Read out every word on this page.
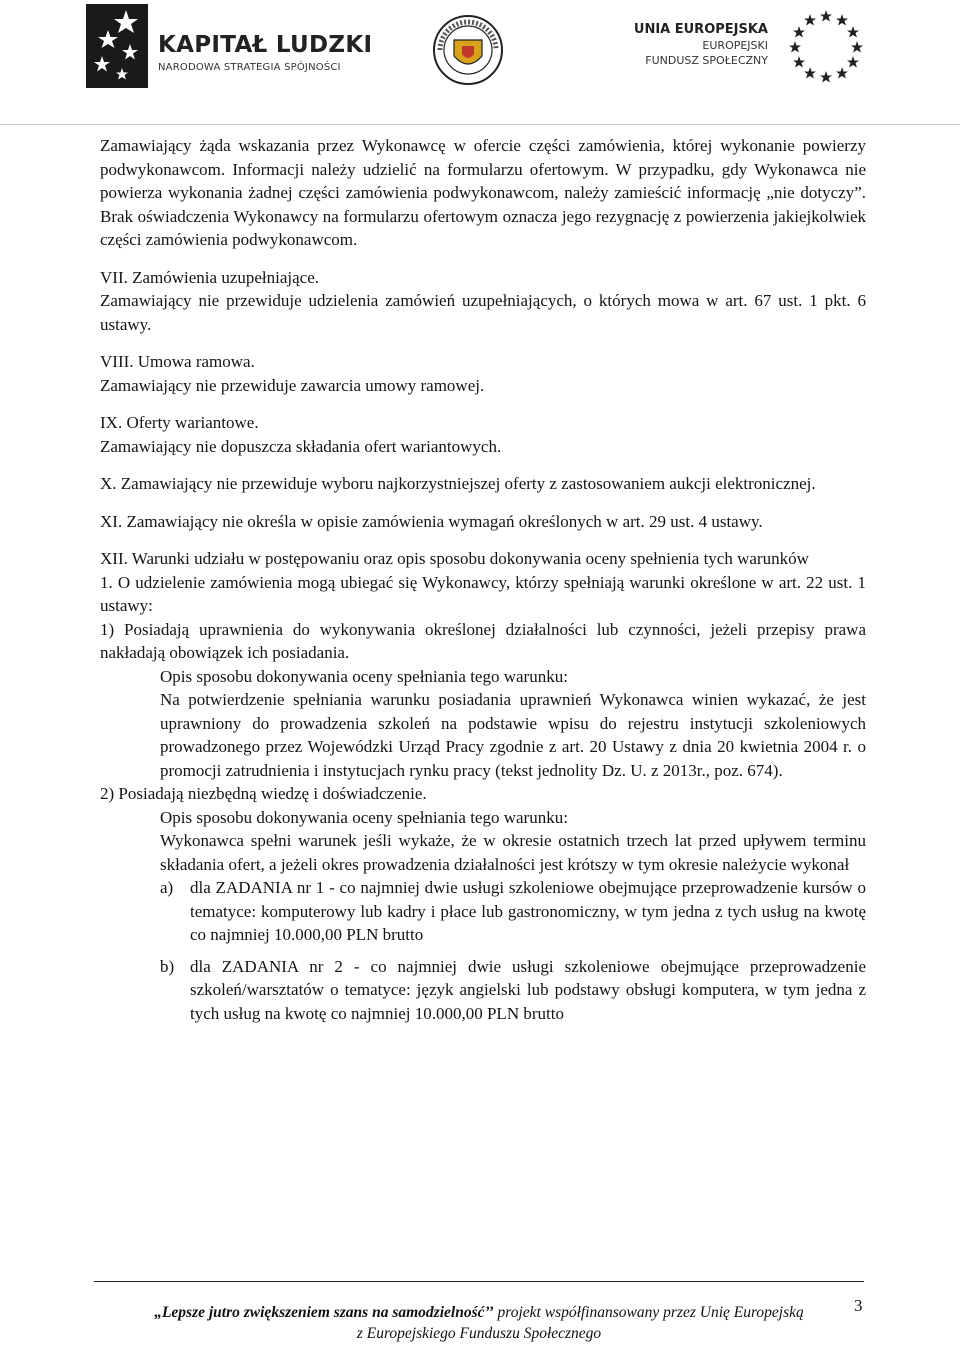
KAPITAŁ LUDZKI
NARODOWA STRATEGIA SPÓJNOŚCI
UNIA EUROPEJSKA
EUROPEJSKI
FUNDUSZ SPOŁECZNY

Zamawiający żąda wskazania przez Wykonawcę w ofercie części zamówienia, której wykonanie powierzy podwykonawcom. Informacji należy udzielić na formularzu ofertowym. W przypadku, gdy Wykonawca nie powierza wykonania żadnej części zamówienia podwykonawcom, należy zamieścić informację „nie dotyczy”. Brak oświadczenia Wykonawcy na formularzu ofertowym oznacza jego rezygnację z powierzenia jakiejkolwiek części zamówienia podwykonawcom.

VII. Zamówienia uzupełniające.

Zamawiający nie przewiduje udzielenia zamówień uzupełniających, o których mowa w art. 67 ust. 1 pkt. 6 ustawy.

VIII. Umowa ramowa.

Zamawiający nie przewiduje zawarcia umowy ramowej.

IX. Oferty wariantowe.

Zamawiający nie dopuszcza składania ofert wariantowych.

X. Zamawiający nie przewiduje wyboru najkorzystniejszej oferty z zastosowaniem aukcji elektronicznej.

XI. Zamawiający nie określa w opisie zamówienia wymagań określonych w art. 29 ust. 4 ustawy.

XII. Warunki udziału w postępowaniu oraz opis sposobu dokonywania oceny spełnienia tych warunków

1. O udzielenie zamówienia mogą ubiegać się Wykonawcy, którzy spełniają warunki określone w art. 22 ust. 1 ustawy:

1) Posiadają uprawnienia do wykonywania określonej działalności lub czynności, jeżeli przepisy prawa nakładają obowiązek ich posiadania.

Opis sposobu dokonywania oceny spełniania tego warunku:

Na potwierdzenie spełniania warunku posiadania uprawnień Wykonawca winien wykazać, że jest uprawniony do prowadzenia szkoleń na podstawie wpisu do rejestru instytucji szkoleniowych prowadzonego przez Wojewódzki Urząd Pracy zgodnie z art. 20 Ustawy z dnia 20 kwietnia 2004 r. o promocji zatrudnienia i instytucjach rynku pracy (tekst jednolity Dz. U. z 2013r., poz. 674).

2) Posiadają niezbędną wiedzę i doświadczenie.

Opis sposobu dokonywania oceny spełniania tego warunku:

Wykonawca spełni warunek jeśli wykaże, że w okresie ostatnich trzech lat przed upływem terminu składania ofert, a jeżeli okres prowadzenia działalności jest krótszy w tym okresie należycie wykonał

a) dla ZADANIA nr 1 - co najmniej dwie usługi szkoleniowe obejmujące przeprowadzenie kursów o tematyce: komputerowy lub kadry i płace lub gastronomiczny, w tym jedna z tych usług na kwotę co najmniej 10.000,00 PLN brutto
b) dla ZADANIA nr 2 - co najmniej dwie usługi szkoleniowe obejmujące przeprowadzenie szkoleń/warsztatów o tematyce: język angielski lub podstawy obsługi komputera, w tym jedna z tych usług na kwotę co najmniej 10.000,00 PLN brutto
„Lepsze jutro zwiększeniem szans na samodzielność’’ projekt współfinansowany przez Unię Europejską
z Europejskiego Funduszu Społecznego
3
